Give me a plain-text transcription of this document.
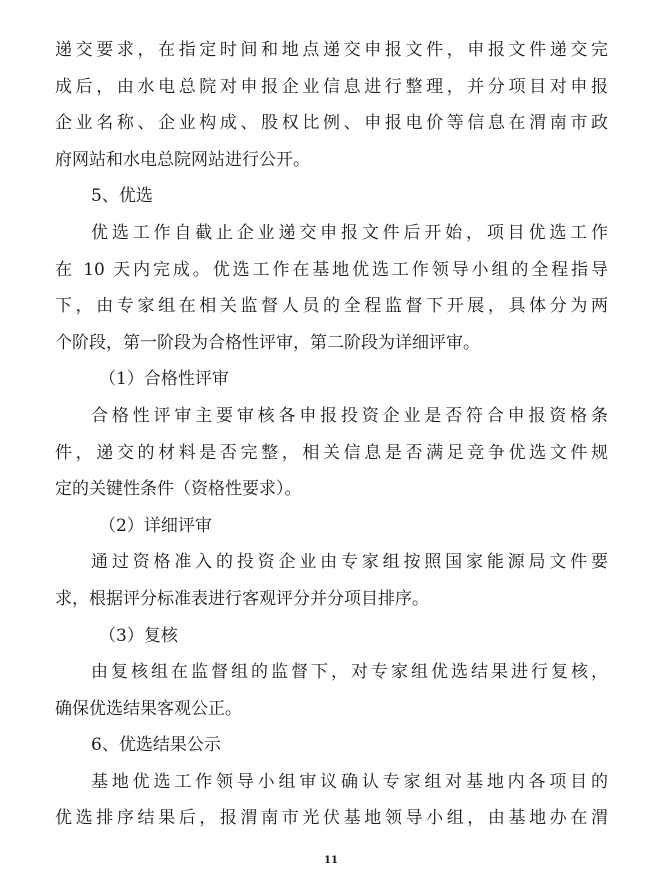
递交要求，在指定时间和地点递交申报文件，申报文件递交完
成后，由水电总院对申报企业信息进行整理，并分项目对申报
企业名称、企业构成、股权比例、申报电价等信息在渭南市政
府网站和水电总院网站进行公开。
5、优选
优选工作自截止企业递交申报文件后开始，项目优选工作
在 10 天内完成。优选工作在基地优选工作领导小组的全程指导
下，由专家组在相关监督人员的全程监督下开展，具体分为两
个阶段，第一阶段为合格性评审，第二阶段为详细评审。
（1）合格性评审
合格性评审主要审核各申报投资企业是否符合申报资格条
件，递交的材料是否完整，相关信息是否满足竞争优选文件规
定的关键性条件（资格性要求）。
（2）详细评审
通过资格准入的投资企业由专家组按照国家能源局文件要
求，根据评分标准表进行客观评分并分项目排序。
（3）复核
由复核组在监督组的监督下，对专家组优选结果进行复核，
确保优选结果客观公正。
6、优选结果公示
基地优选工作领导小组审议确认专家组对基地内各项目的
优选排序结果后，报渭南市光伏基地领导小组，由基地办在渭
11
